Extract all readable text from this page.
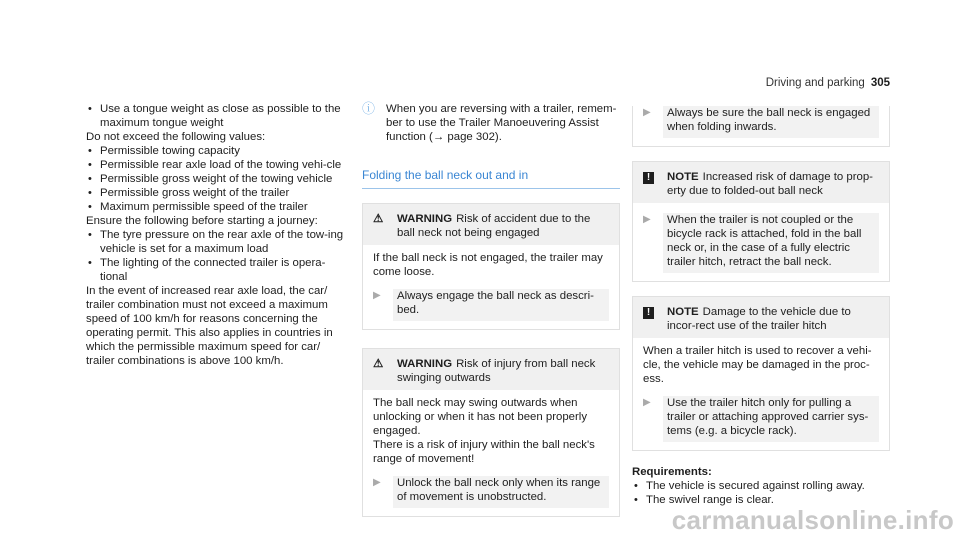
Driving and parking 305
• Use a tongue weight as close as possible to the maximum tongue weight

Do not exceed the following values:

• Permissible towing capacity
• Permissible rear axle load of the towing vehi-cle
• Permissible gross weight of the towing vehicle
• Permissible gross weight of the trailer
• Maximum permissible speed of the trailer

Ensure the following before starting a journey:

• The tyre pressure on the rear axle of the tow-ing vehicle is set for a maximum load
• The lighting of the connected trailer is opera-tional

In the event of increased rear axle load, the car/ trailer combination must not exceed a maximum speed of 100 km/h for reasons concerning the operating permit. This also applies in countries in which the permissible maximum speed for car/ trailer combinations is above 100 km/h.

ⓘ When you are reversing with a trailer, remem-ber to use the Trailer Manoeuvering Assist function (→ page 302).

Folding the ball neck out and in
⚠	WARNING Risk of accident due to the ball neck not being engaged

If the ball neck is not engaged, the trailer may come loose.

▶	Always engage the ball neck as descri-bed.
⚠	WARNING Risk of injury from ball neck swinging outwards

The ball neck may swing outwards when unlocking or when it has not been properly engaged.

There is a risk of injury within the ball neck's range of movement!

▶	Unlock the ball neck only when its range of movement is unobstructed.
▶	Always be sure the ball neck is engaged when folding inwards.
!	NOTE Increased risk of damage to prop-erty due to folded-out ball neck
▶	When the trailer is not coupled or the bicycle rack is attached, fold in the ball neck or, in the case of a fully electric trailer hitch, retract the ball neck.
!	NOTE Damage to the vehicle due to incor-rect use of the trailer hitch

When a trailer hitch is used to recover a vehi-cle, the vehicle may be damaged in the proc-ess.

▶	Use the trailer hitch only for pulling a trailer or attaching approved carrier sys-tems (e.g. a bicycle rack).
Requirements:
• The vehicle is secured against rolling away.
• The swivel range is clear.
carmanualsonline.info
